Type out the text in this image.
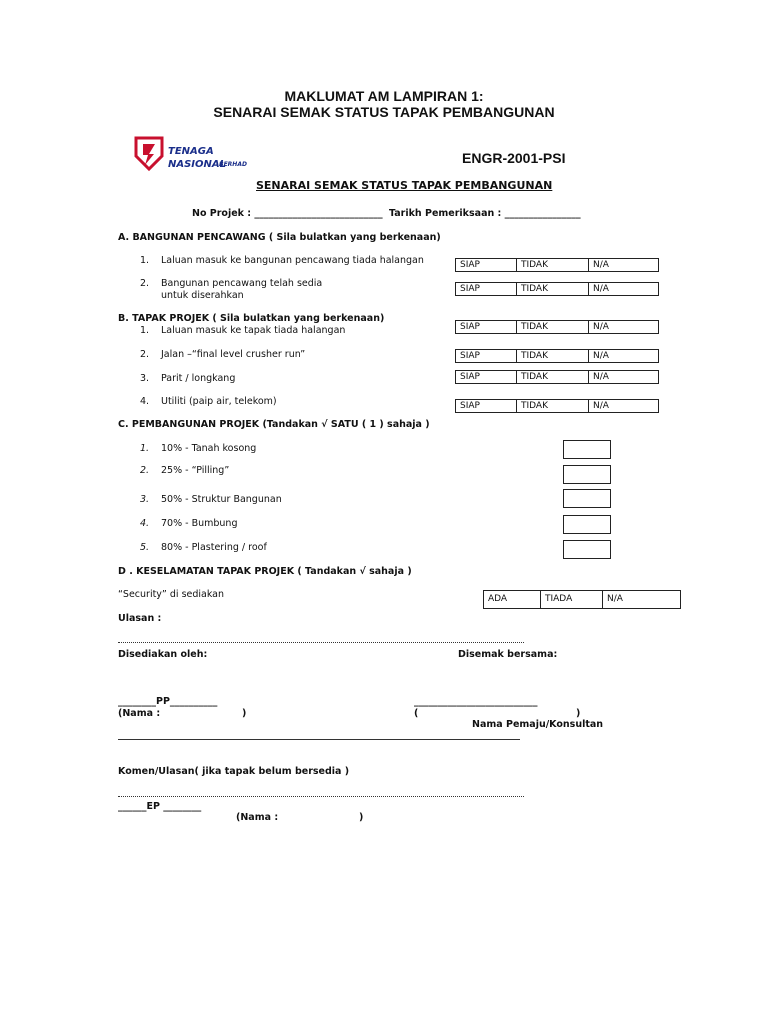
MAKLUMAT AM LAMPIRAN 1:
SENARAI SEMAK STATUS TAPAK PEMBANGUNAN
TENAGA
NASIONAL
BERHAD	ENGR-2001-PSI
SENARAI SEMAK STATUS TAPAK PEMBANGUNAN
No Projek : ___________________________ Tarikh Pemeriksaan : ________________
A. BANGUNAN PENCAWANG ( Sila bulatkan yang berkenaan)
1. Laluan masuk ke bangunan pencawang tiada halangan	SIAP	TIDAK	N/A
2. Bangunan pencawang telah sedia
untuk diserahkan
SIAP	TIDAK	N/A
B. TAPAK PROJEK ( Sila bulatkan yang berkenaan)
1. Laluan masuk ke tapak tiada halangan	SIAP	TIDAK	N/A
2. Jalan –“final level crusher run”	SIAP	TIDAK	N/A
3. Parit / longkang	SIAP	TIDAK	N/A
4. Utiliti (paip air, telekom)	SIAP	TIDAK	N/A
C. PEMBANGUNAN PROJEK (Tandakan √ SATU ( 1 ) sahaja )
1. 10% - Tanah kosong
2. 25% - “Pilling”
3. 50% - Struktur Bangunan
4. 70% - Bumbung
5. 80% - Plastering / roof
D . KESELAMATAN TAPAK PROJEK ( Tandakan √ sahaja )
“Security” di sediakan	ADA	TIADA	N/A
Ulasan :
Disediakan oleh:	Disemak bersama:
________PP__________
(Nama :	)
__________________________
(	)
Nama Pemaju/Konsultan
Komen/Ulasan( jika tapak belum bersedia )
______EP ________
(Nama :	)
